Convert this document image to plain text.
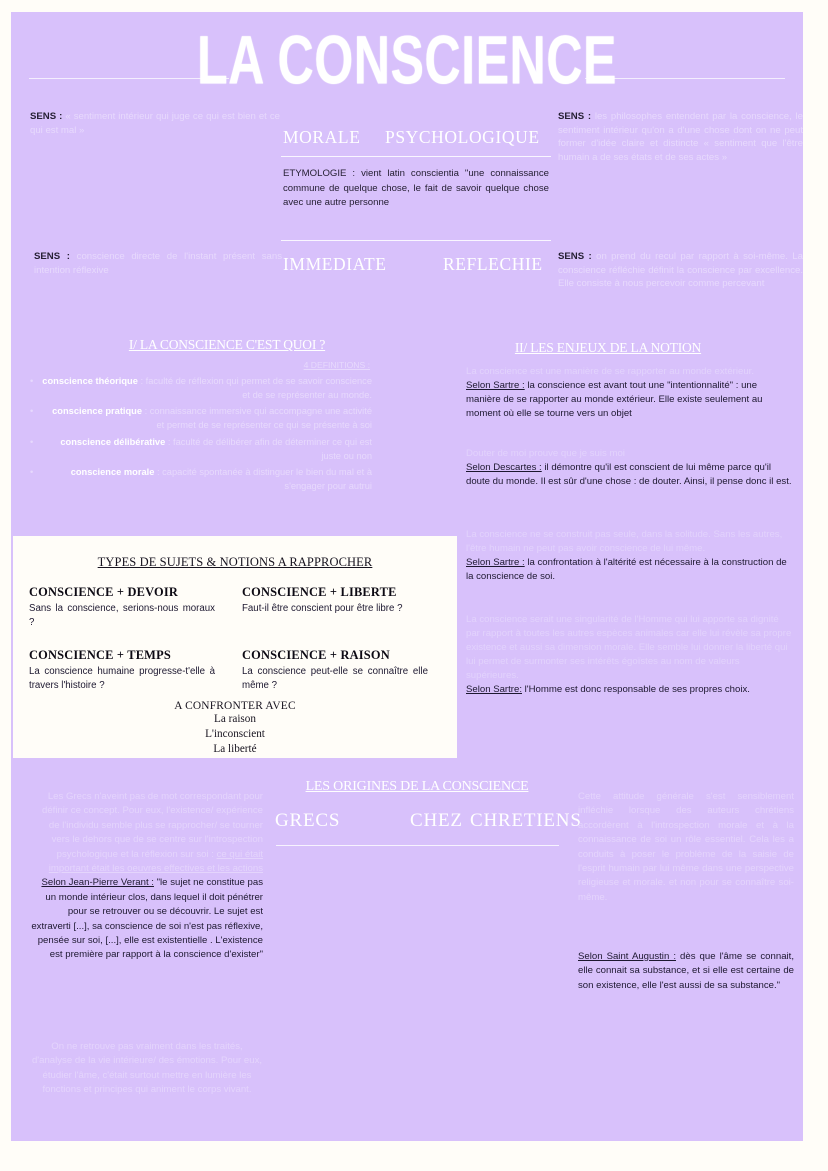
LA CONSCIENCE
SENS : « sentiment intérieur qui juge ce qui est bien et ce qui est mal »
SENS : les philosophes entendent par la conscience, le sentiment intérieur qu'on a d'une chose dont on ne peut former d'idée claire et distincte « sentiment que l'être humain a de ses états et de ses actes »
SENS : conscience directe de l'instant présent sans intention réflexive
SENS : on prend du recul par rapport à soi-même. La conscience réfléchie définit la conscience par excellence. Elle consiste à nous percevoir comme percevant
MORALE PSYCHOLOGIQUE
ETYMOLOGIE : vient latin conscientia "une connaissance commune de quelque chose, le fait de savoir quelque chose avec une autre personne
IMMEDIATE	REFLECHIE
I/ LA CONSCIENCE C'EST QUOI ?
4 DEFINITIONS :
• conscience théorique : faculté de réflexion qui permet de se savoir conscience et de se représenter au monde.
• conscience pratique : connaissance immersive qui accompagne une activité et permet de se représenter ce qui se présente à soi
• conscience délibérative : faculté de délibérer afin de déterminer ce qui est juste ou non
• conscience morale : capacité spontanée à distinguer le bien du mal et à s'engager pour autrui
II/ LES ENJEUX DE LA NOTION
La conscience est une manière de se rapporter au monde extérieur.
Selon Sartre : la conscience est avant tout une "intentionnalité" : une manière de se rapporter au monde extérieur. Elle existe seulement au moment où elle se tourne vers un objet
Douter de moi prouve que je suis moi
Selon Descartes : il démontre qu'il est conscient de lui même parce qu'il doute du monde. Il est sûr d'une chose : de douter. Ainsi, il pense donc il est.
La conscience ne se construit pas seule, dans la solitude. Sans les autres, l'être humain ne peut pas avoir conscience de lui même.
Selon Sartre : la confrontation à l'altérité est nécessaire à la construction de la conscience de soi.
La conscience serait une singularité de l'Homme qui lui apporte sa dignité par rapport à toutes les autres espèces animales car elle lui révèle sa propre existence et aussi sa dimension morale. Elle semble lui donner la liberté qui lui permet de surmonter ses intérêts égoïstes au nom de valeurs supérieures.
Selon Sartre: l'Homme est donc responsable de ses propres choix.
TYPES DE SUJETS & NOTIONS A RAPPROCHER
CONSCIENCE + DEVOIR
Sans la conscience, serions-nous moraux ?
CONSCIENCE + LIBERTE
Faut-il être conscient pour être libre ?
CONSCIENCE + TEMPS
La conscience humaine progresse-t'elle à travers l'histoire ?
CONSCIENCE + RAISON
La conscience peut-elle se connaître elle même ?
A CONFRONTER AVEC
La raison
L'inconscient
La liberté
LES ORIGINES DE LA CONSCIENCE
GRECS	CHEZ CHRETIENS
Les Grecs n'aveint pas de mot correspondant pour définir ce concept. Pour eux, l'existence/ expérience de l'individu semble plus se rapprocher/ se tourner vers le dehors que de se centre sur l'introspection psychologique et la réflexion sur soi : ce qui était important était les oeuvres effectives et les actions
Selon Jean-Pierre Verant : "le sujet ne constitue pas un monde intérieur clos, dans lequel il doit pénétrer pour se retrouver ou se découvrir. Le sujet est extraverti [...], sa conscience de soi n'est pas réflexive, pensée sur soi, [...], elle est existentielle . L'existence est première par rapport à la conscience d'exister"
On ne retrouve pas vraiment dans les traités, d'analyse de la vie intérieure/ des émotions. Pour eux, étudier l'âme, c'était surtout mettre en lumière les fonctions et principes qui animent le corps vivant.
Cette attitude générale s'est sensiblement infléchie lorsque des auteurs chrétiens accordèrent à l'introspection morale et à la connaissance de soi un rôle essentiel. Cela les a conduits à poser le problème de la saisie de l'esprit humain par lui même dans une perspective religieuse et morale. et non pour se connaître soi-même.
Selon Saint Augustin : dès que l'âme se connait, elle connait sa substance, et si elle est certaine de son existence, elle l'est aussi de sa substance."
